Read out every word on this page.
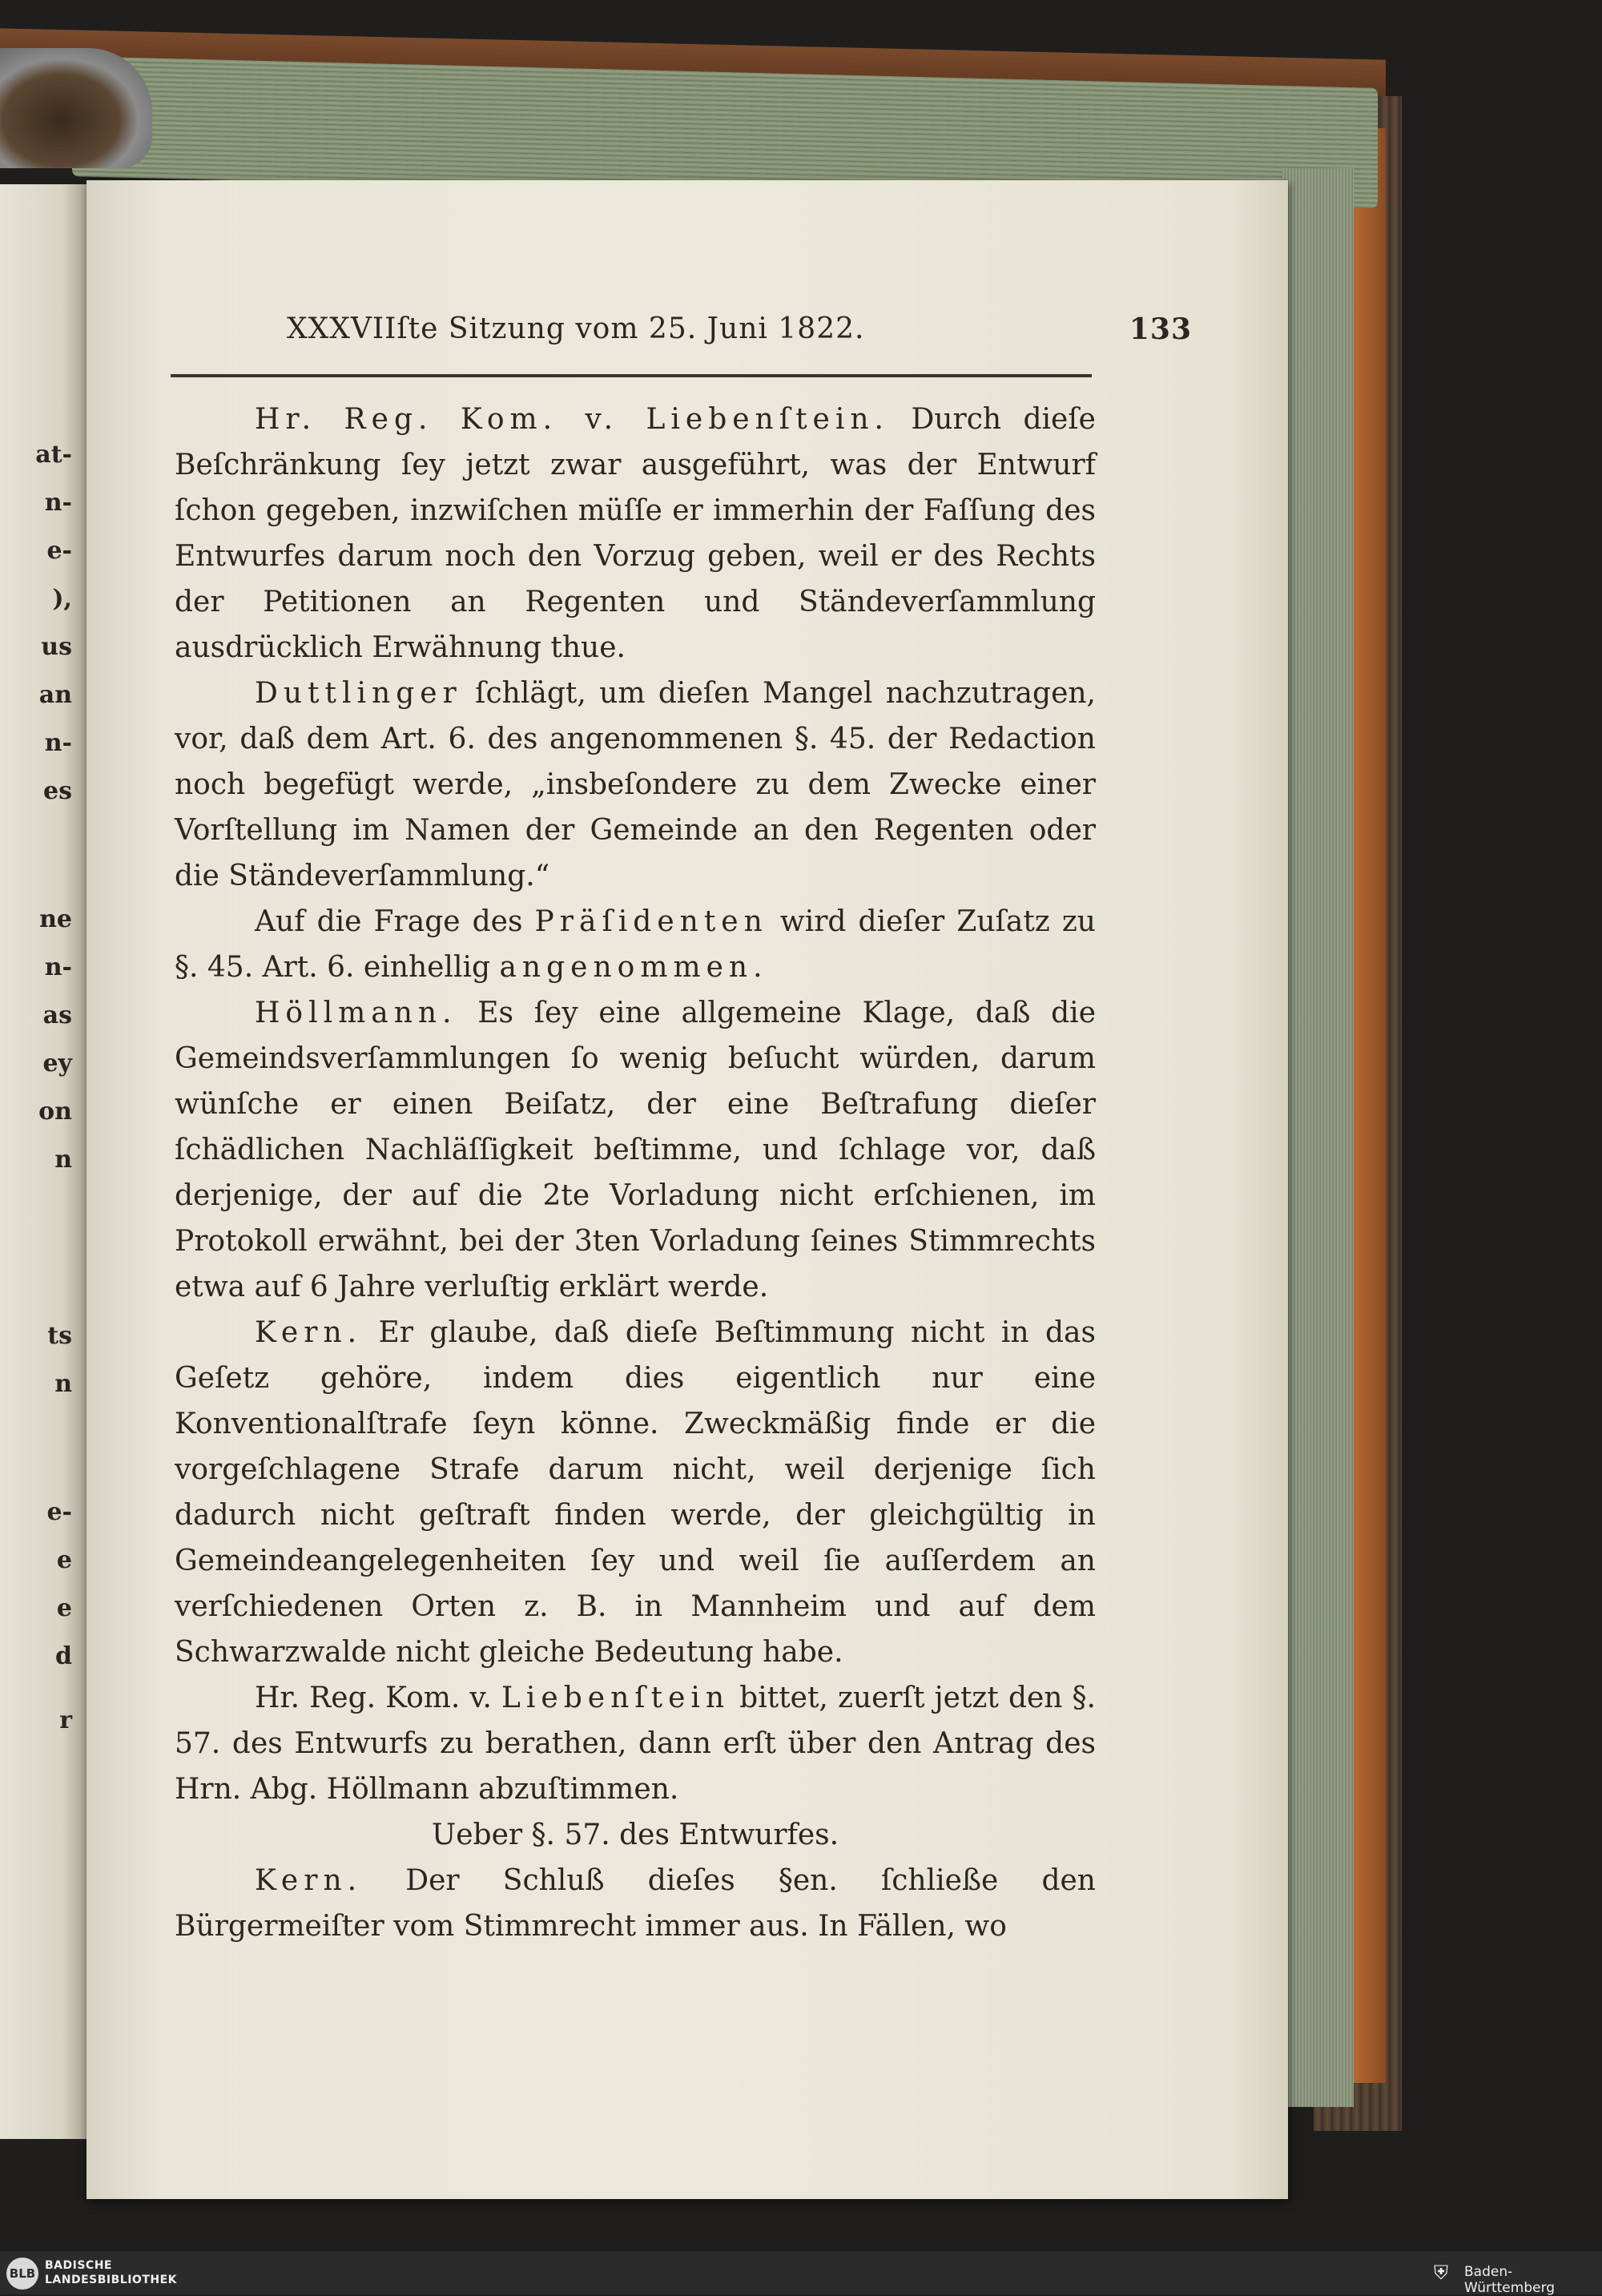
at-
n-
e-
),
us
an
n-
es
ne
n-
as
ey
on
n
ts
n
e-
e
e
d
r
XXXVIIſte Sitzung vom 25. Juni 1822.	133

Hr. Reg. Kom. v. Liebenſtein. Durch dieſe Beſchränkung ſey jetzt zwar ausgeführt, was der Entwurf ſchon gegeben, inzwiſchen müſſe er immerhin der Faſſung des Entwurfes darum noch den Vorzug geben, weil er des Rechts der Petitionen an Regenten und Ständeverſammlung ausdrücklich Erwähnung thue.

Duttlinger ſchlägt, um dieſen Mangel nachzutragen, vor, daß dem Art. 6. des angenommenen §. 45. der Redaction noch begefügt werde, „insbeſondere zu dem Zwecke einer Vorſtellung im Namen der Gemeinde an den Regenten oder die Ständeverſammlung.“

Auf die Frage des Präſidenten wird dieſer Zuſatz zu §. 45. Art. 6. einhellig angenommen.

Höllmann. Es ſey eine allgemeine Klage, daß die Gemeindsverſammlungen ſo wenig beſucht würden, darum wünſche er einen Beiſatz, der eine Beſtrafung dieſer ſchädlichen Nachläſſigkeit beſtimme, und ſchlage vor, daß derjenige, der auf die 2te Vorladung nicht erſchienen, im Protokoll erwähnt, bei der 3ten Vorladung ſeines Stimmrechts etwa auf 6 Jahre verluſtig erklärt werde.

Kern. Er glaube, daß dieſe Beſtimmung nicht in das Geſetz gehöre, indem dies eigentlich nur eine Konventionalſtrafe ſeyn könne. Zweckmäßig finde er die vorgeſchlagene Strafe darum nicht, weil derjenige ſich dadurch nicht geſtraft finden werde, der gleichgültig in Gemeindeangelegenheiten ſey und weil ſie auſſerdem an verſchiedenen Orten z. B. in Mannheim und auf dem Schwarzwalde nicht gleiche Bedeutung habe.

Hr. Reg. Kom. v. Liebenſtein bittet, zuerſt jetzt den §. 57. des Entwurfs zu berathen, dann erſt über den Antrag des Hrn. Abg. Höllmann abzuſtimmen.

Ueber §. 57. des Entwurfes.

Kern. Der Schluß dieſes §en. ſchließe den Bürgermeiſter vom Stimmrecht immer aus. In Fällen, wo

BLB
BADISCHE
LANDESBIBLIOTHEK	⛨	Baden-Württemberg
